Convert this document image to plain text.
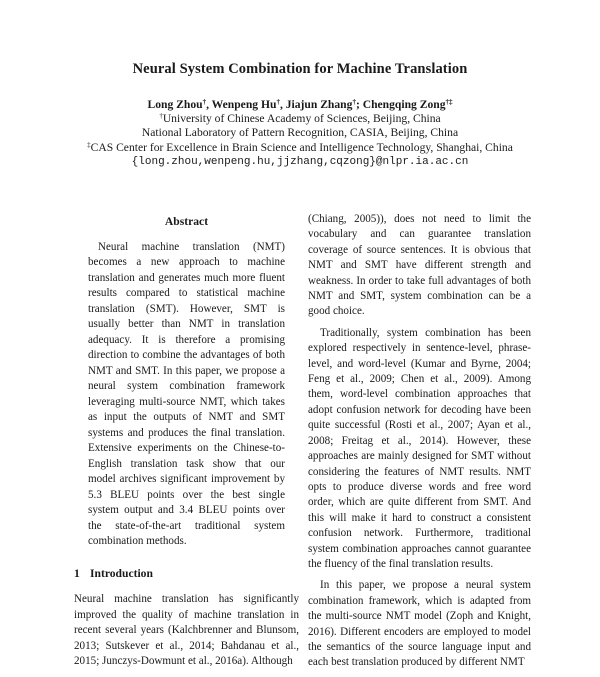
Neural System Combination for Machine Translation
Long Zhou†, Wenpeng Hu†, Jiajun Zhang†; Chengqing Zong†‡
†University of Chinese Academy of Sciences, Beijing, China
National Laboratory of Pattern Recognition, CASIA, Beijing, China
‡CAS Center for Excellence in Brain Science and Intelligence Technology, Shanghai, China
{long.zhou,wenpeng.hu,jjzhang,cqzong}@nlpr.ia.ac.cn
Abstract
Neural machine translation (NMT) becomes a new approach to machine translation and generates much more fluent results compared to statistical machine translation (SMT). However, SMT is usually better than NMT in translation adequacy. It is therefore a promising direction to combine the advantages of both NMT and SMT. In this paper, we propose a neural system combination framework leveraging multi-source NMT, which takes as input the outputs of NMT and SMT systems and produces the final translation. Extensive experiments on the Chinese-to-English translation task show that our model archives significant improvement by 5.3 BLEU points over the best single system output and 3.4 BLEU points over the state-of-the-art traditional system combination methods.
1 Introduction

Neural machine translation has significantly improved the quality of machine translation in recent several years (Kalchbrenner and Blunsom, 2013; Sutskever et al., 2014; Bahdanau et al., 2015; Junczys-Dowmunt et al., 2016a). Although

(Chiang, 2005)), does not need to limit the vocabulary and can guarantee translation coverage of source sentences. It is obvious that NMT and SMT have different strength and weakness. In order to take full advantages of both NMT and SMT, system combination can be a good choice.

Traditionally, system combination has been explored respectively in sentence-level, phrase-level, and word-level (Kumar and Byrne, 2004; Feng et al., 2009; Chen et al., 2009). Among them, word-level combination approaches that adopt confusion network for decoding have been quite successful (Rosti et al., 2007; Ayan et al., 2008; Freitag et al., 2014). However, these approaches are mainly designed for SMT without considering the features of NMT results. NMT opts to produce diverse words and free word order, which are quite different from SMT. And this will make it hard to construct a consistent confusion network. Furthermore, traditional system combination approaches cannot guarantee the fluency of the final translation results.

In this paper, we propose a neural system combination framework, which is adapted from the multi-source NMT model (Zoph and Knight, 2016). Different encoders are employed to model the semantics of the source language input and each best translation produced by different NMT
